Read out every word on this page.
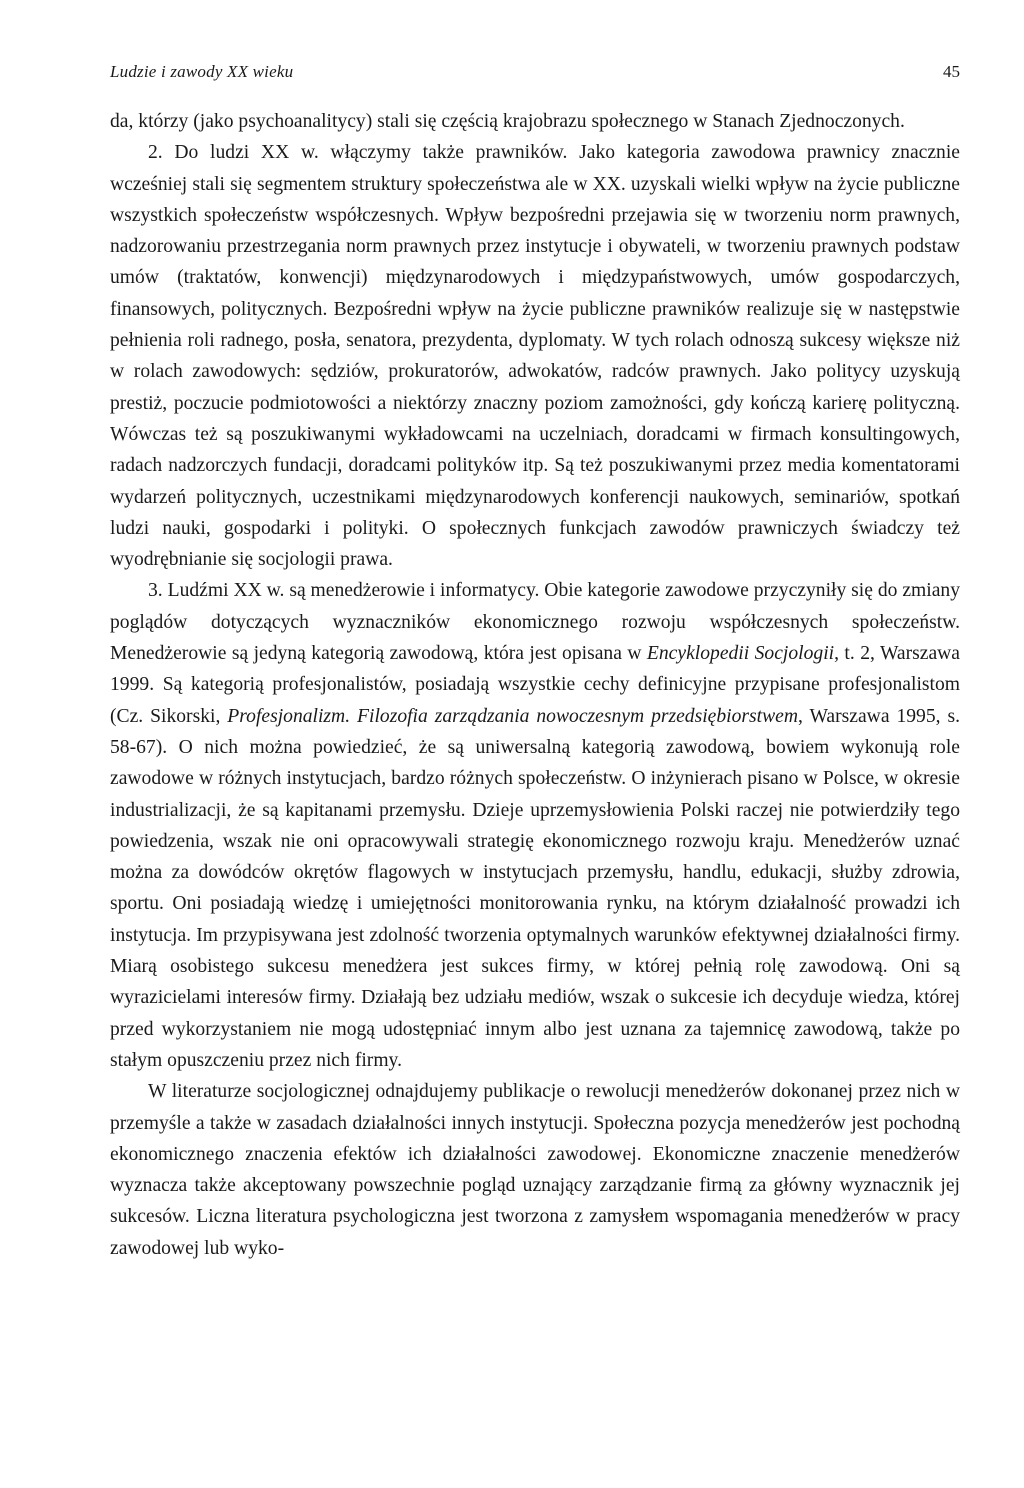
Ludzie i zawody XX wieku	45

da, którzy (jako psychoanalitycy) stali się częścią krajobrazu społecznego w Stanach Zjednoczonych.

2. Do ludzi XX w. włączymy także prawników. Jako kategoria zawodowa prawnicy znacznie wcześniej stali się segmentem struktury społeczeństwa ale w XX. uzyskali wielki wpływ na życie publiczne wszystkich społeczeństw współczesnych. Wpływ bezpośredni przejawia się w tworzeniu norm prawnych, nadzorowaniu przestrzegania norm prawnych przez instytucje i obywateli, w tworzeniu prawnych podstaw umów (traktatów, konwencji) międzynarodowych i międzypaństwowych, umów gospodarczych, finansowych, politycznych. Bezpośredni wpływ na życie publiczne prawników realizuje się w następstwie pełnienia roli radnego, posła, senatora, prezydenta, dyplomaty. W tych rolach odnoszą sukcesy większe niż w rolach zawodowych: sędziów, prokuratorów, adwokatów, radców prawnych. Jako politycy uzyskują prestiż, poczucie podmiotowości a niektórzy znaczny poziom zamożności, gdy kończą karierę polityczną. Wówczas też są poszukiwanymi wykładowcami na uczelniach, doradcami w firmach konsultingowych, radach nadzorczych fundacji, doradcami polityków itp. Są też poszukiwanymi przez media komentatorami wydarzeń politycznych, uczestnikami międzynarodowych konferencji naukowych, seminariów, spotkań ludzi nauki, gospodarki i polityki. O społecznych funkcjach zawodów prawniczych świadczy też wyodrębnianie się socjologii prawa.

3. Ludźmi XX w. są menedżerowie i informatycy. Obie kategorie zawodowe przyczyniły się do zmiany poglądów dotyczących wyznaczników ekonomicznego rozwoju współczesnych społeczeństw. Menedżerowie są jedyną kategorią zawodową, która jest opisana w Encyklopedii Socjologii, t. 2, Warszawa 1999. Są kategorią profesjonalistów, posiadają wszystkie cechy definicyjne przypisane profesjonalistom (Cz. Sikorski, Profesjonalizm. Filozofia zarządzania nowoczesnym przedsiębiorstwem, Warszawa 1995, s. 58-67). O nich można powiedzieć, że są uniwersalną kategorią zawodową, bowiem wykonują role zawodowe w różnych instytucjach, bardzo różnych społeczeństw. O inżynierach pisano w Polsce, w okresie industrializacji, że są kapitanami przemysłu. Dzieje uprzemysłowienia Polski raczej nie potwierdziły tego powiedzenia, wszak nie oni opracowywali strategię ekonomicznego rozwoju kraju. Menedżerów uznać można za dowódców okrętów flagowych w instytucjach przemysłu, handlu, edukacji, służby zdrowia, sportu. Oni posiadają wiedzę i umiejętności monitorowania rynku, na którym działalność prowadzi ich instytucja. Im przypisywana jest zdolność tworzenia optymalnych warunków efektywnej działalności firmy. Miarą osobistego sukcesu menedżera jest sukces firmy, w której pełnią rolę zawodową. Oni są wyrazicielami interesów firmy. Działają bez udziału mediów, wszak o sukcesie ich decyduje wiedza, której przed wykorzystaniem nie mogą udostępniać innym albo jest uznana za tajemnicę zawodową, także po stałym opuszczeniu przez nich firmy.

W literaturze socjologicznej odnajdujemy publikacje o rewolucji menedżerów dokonanej przez nich w przemyśle a także w zasadach działalności innych instytucji. Społeczna pozycja menedżerów jest pochodną ekonomicznego znaczenia efektów ich działalności zawodowej. Ekonomiczne znaczenie menedżerów wyznacza także akceptowany powszechnie pogląd uznający zarządzanie firmą za główny wyznacznik jej sukcesów. Liczna literatura psychologiczna jest tworzona z zamysłem wspomagania menedżerów w pracy zawodowej lub wyko-
